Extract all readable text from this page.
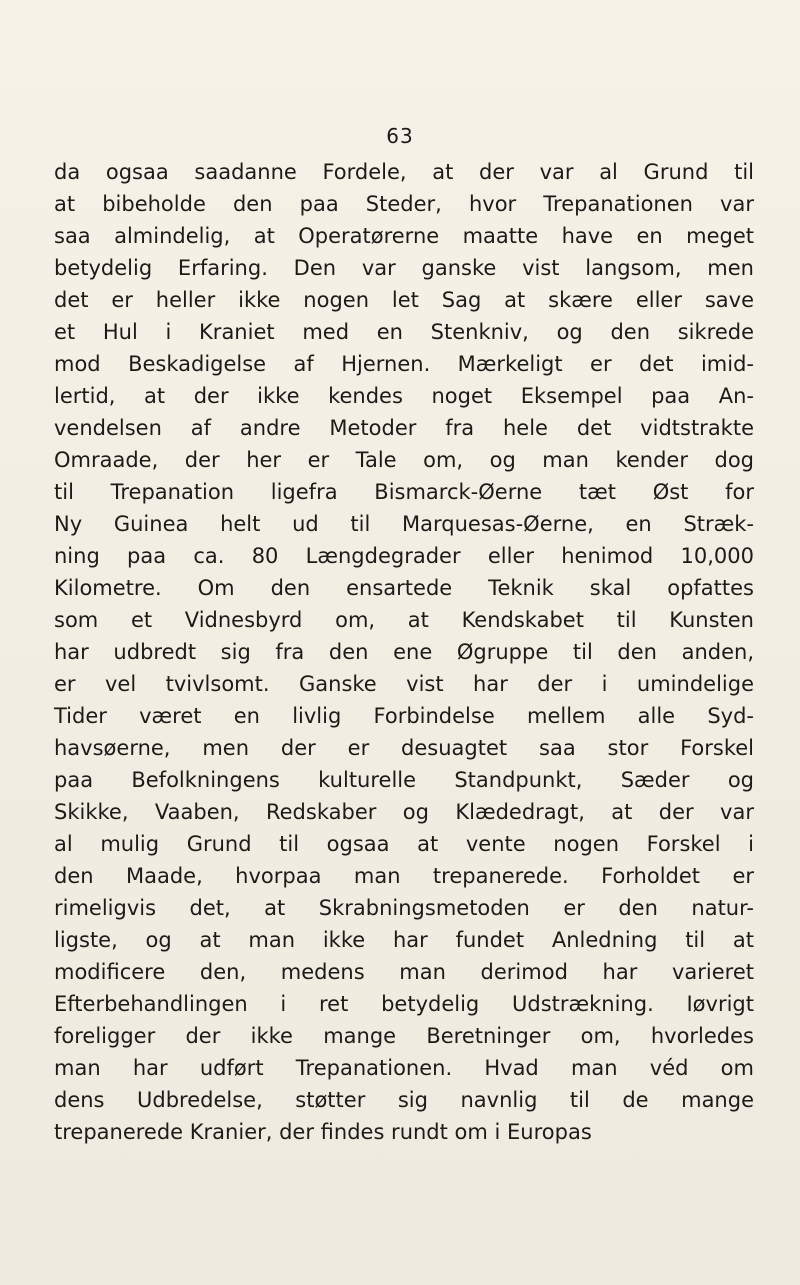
63
da ogsaa saadanne Fordele, at der var al Grund til
at bibeholde den paa Steder, hvor Trepanationen var
saa almindelig, at Operatørerne maatte have en meget
betydelig Erfaring. Den var ganske vist langsom, men
det er heller ikke nogen let Sag at skære eller save
et Hul i Kraniet med en Stenkniv, og den sikrede
mod Beskadigelse af Hjernen. Mærkeligt er det imid-
lertid, at der ikke kendes noget Eksempel paa An-
vendelsen af andre Metoder fra hele det vidtstrakte
Omraade, der her er Tale om, og man kender dog
til Trepanation ligefra Bismarck-Øerne tæt Øst for
Ny Guinea helt ud til Marquesas-Øerne, en Stræk-
ning paa ca. 80 Længdegrader eller henimod 10,000
Kilometre. Om den ensartede Teknik skal opfattes
som et Vidnesbyrd om, at Kendskabet til Kunsten
har udbredt sig fra den ene Øgruppe til den anden,
er vel tvivlsomt. Ganske vist har der i umindelige
Tider været en livlig Forbindelse mellem alle Syd-
havsøerne, men der er desuagtet saa stor Forskel
paa Befolkningens kulturelle Standpunkt, Sæder og
Skikke, Vaaben, Redskaber og Klædedragt, at der var
al mulig Grund til ogsaa at vente nogen Forskel i
den Maade, hvorpaa man trepanerede. Forholdet er
rimeligvis det, at Skrabningsmetoden er den natur-
ligste, og at man ikke har fundet Anledning til at
modificere den, medens man derimod har varieret
Efterbehandlingen i ret betydelig Udstrækning. Iøvrigt
foreligger der ikke mange Beretninger om, hvorledes
man har udført Trepanationen. Hvad man véd om
dens Udbredelse, støtter sig navnlig til de mange
trepanerede Kranier, der findes rundt om i Europas
